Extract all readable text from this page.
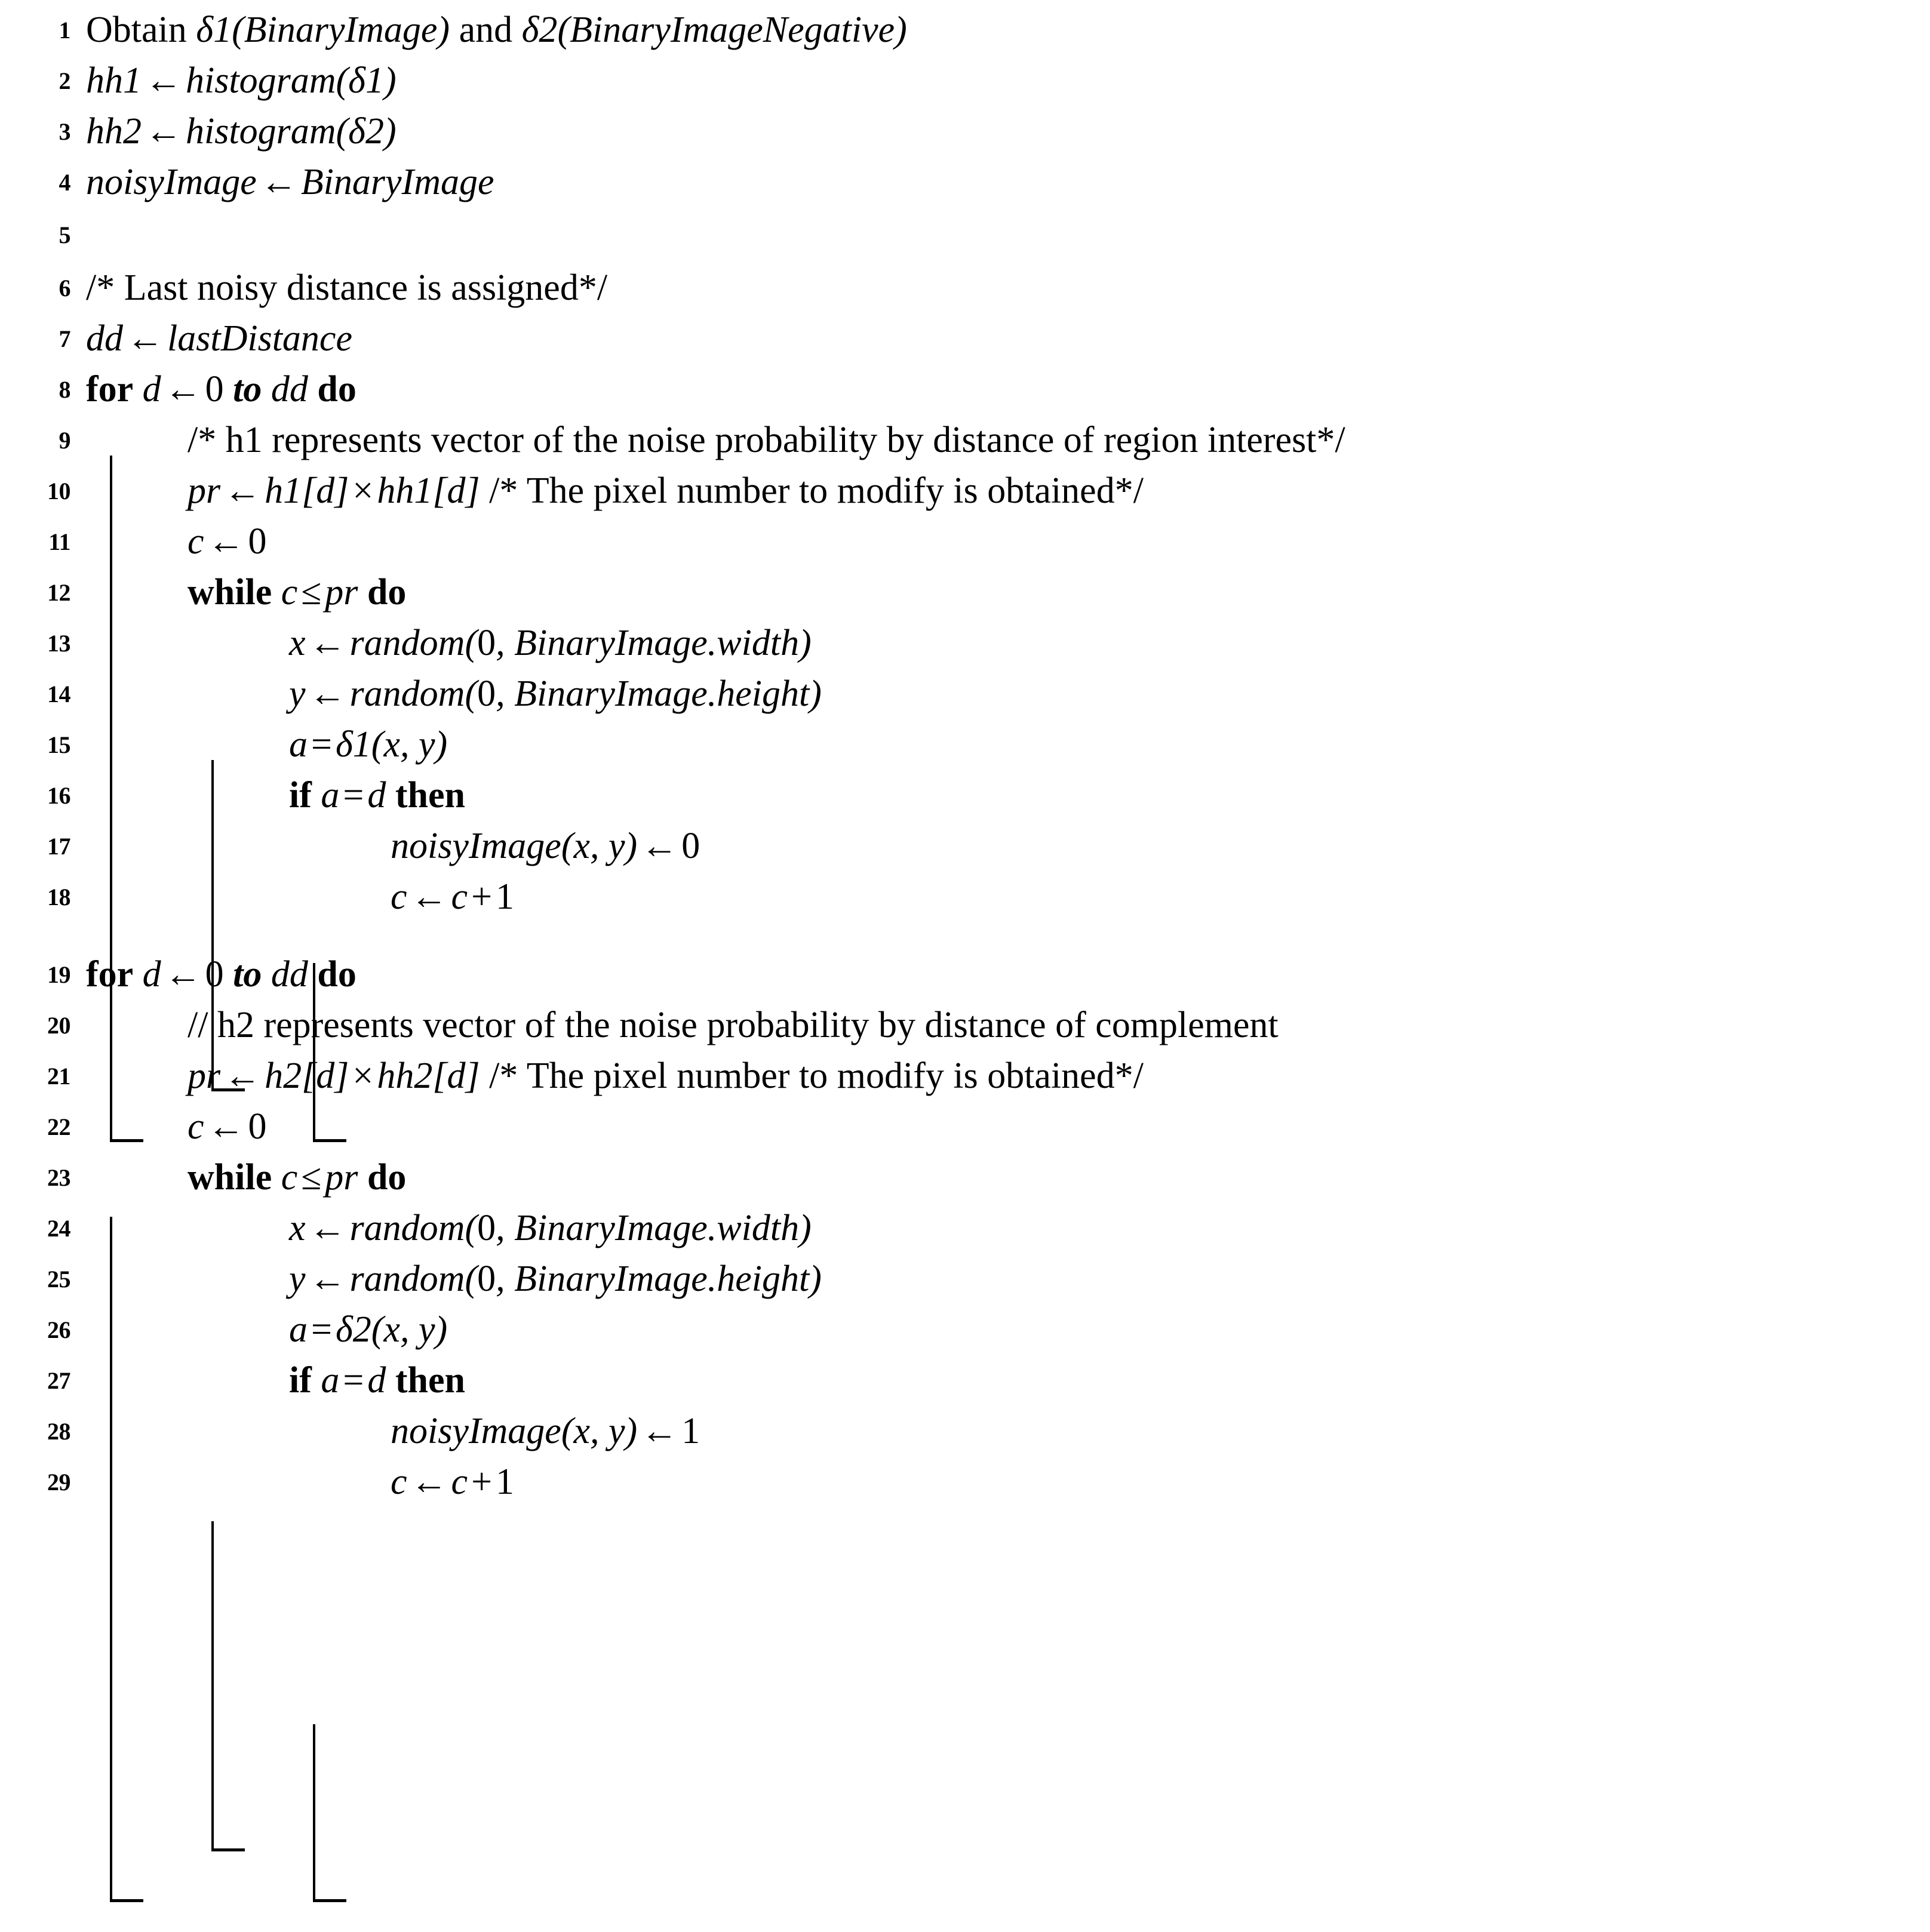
1 Obtain δ1(BinaryImage) and δ2(BinaryImageNegative)
2 hh1←histogram(δ1)
3 hh2←histogram(δ2)
4 noisyImage←BinaryImage
5
6 /* Last noisy distance is assigned*/
7 dd←lastDistance
8 for d←0 to dd do
9	/* h1 represents vector of the noise probability by distance of region interest*/
10	pr←h1[d]×hh1[d] /* The pixel number to modify is obtained*/
11	c←0
12	while c≤pr do
13	x←random(0, BinaryImage.width)
14	y←random(0, BinaryImage.height)
15	a=δ1(x, y)
16	if a=d then
17	noisyImage(x, y)←0
18	c←c+1
19 for d←0 to dd do
20	// h2 represents vector of the noise probability by distance of complement
21	pr←h2[d]×hh2[d] /* The pixel number to modify is obtained*/
22	c←0
23	while c≤pr do
24	x←random(0, BinaryImage.width)
25	y←random(0, BinaryImage.height)
26	a=δ2(x, y)
27	if a=d then
28	noisyImage(x, y)←1
29	c←c+1
